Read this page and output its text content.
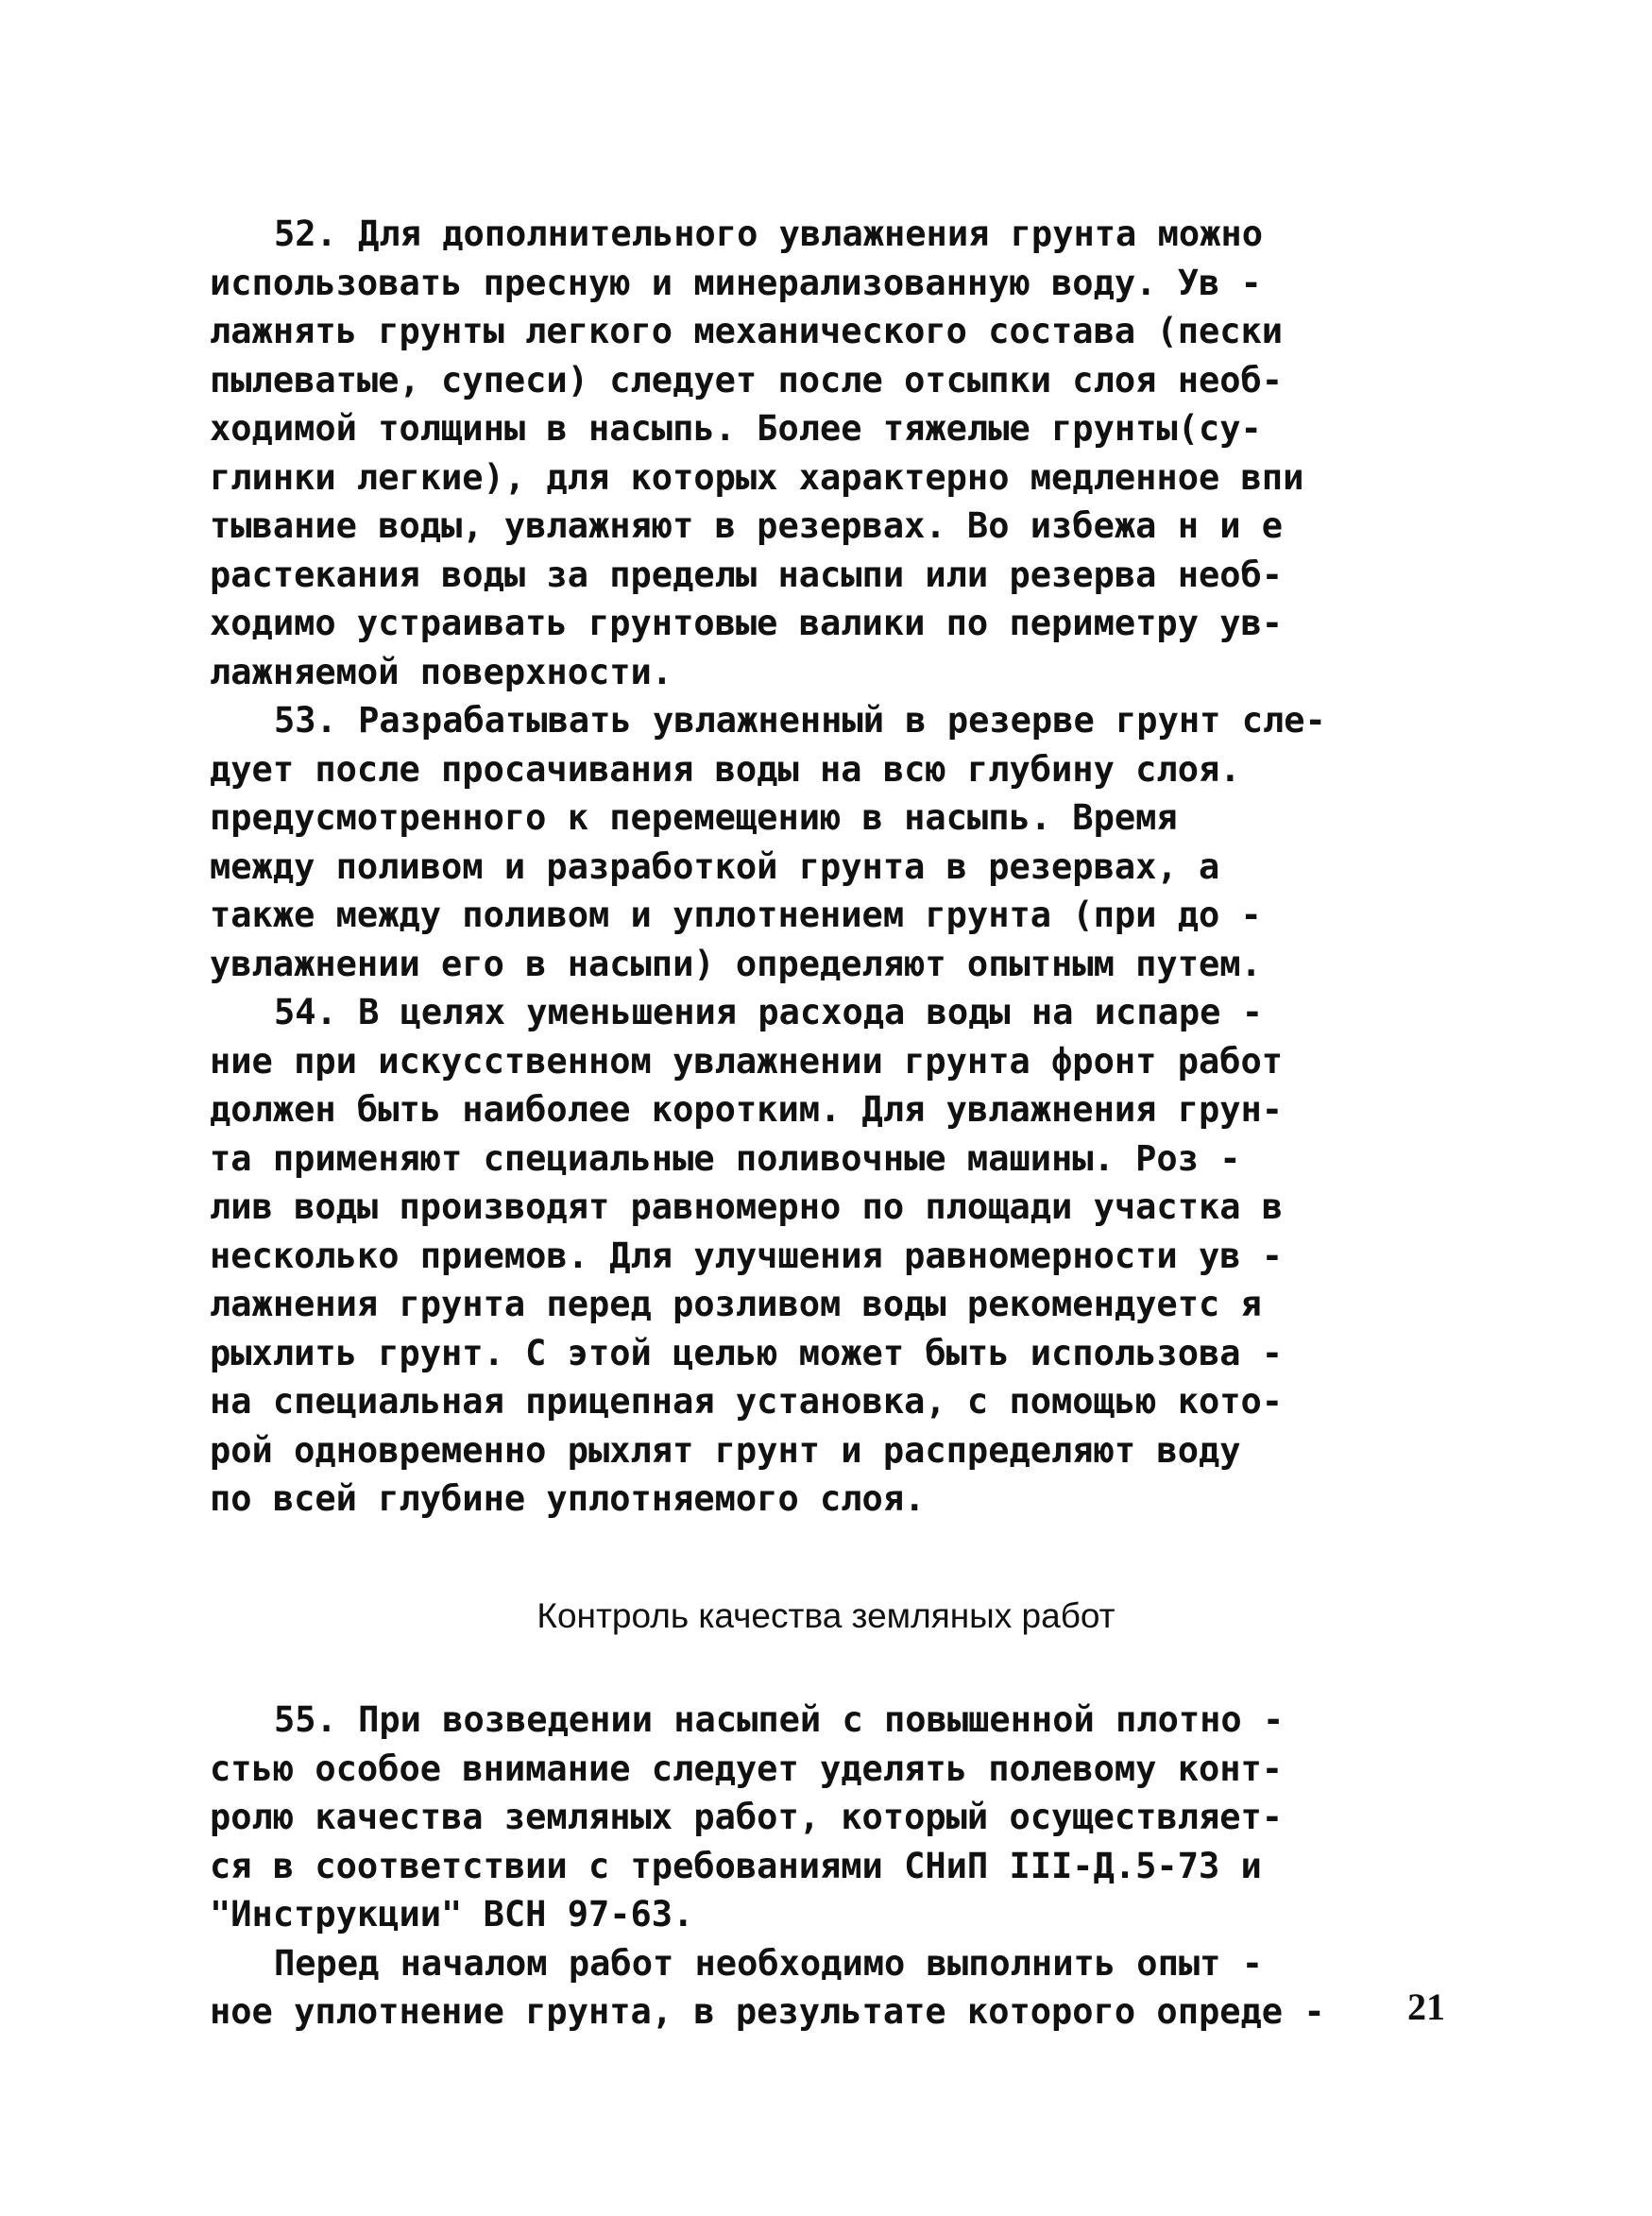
52. Для дополнительного увлажнения грунта можно
использовать пресную и минерализованную воду. Ув -
лажнять грунты легкого механического состава (пески
пылеватые, супеси) следует после отсыпки слоя необ-
ходимой толщины в насыпь. Более тяжелые грунты(су-
глинки легкие), для которых характерно медленное впи
тывание воды, увлажняют в резервах. Во избежа н и е
растекания воды за пределы насыпи или резерва необ-
ходимо устраивать грунтовые валики по периметру ув-
лажняемой поверхности.
53. Разрабатывать увлажненный в резерве грунт сле-
дует после просачивания воды на всю глубину слоя.
предусмотренного к перемещению в насыпь. Время
между поливом и разработкой грунта в резервах, а
также между поливом и уплотнением грунта (при до -
увлажнении его в насыпи) определяют опытным путем.
54. В целях уменьшения расхода воды на испаре -
ние при искусственном увлажнении грунта фронт работ
должен быть наиболее коротким. Для увлажнения грун-
та применяют специальные поливочные машины. Роз -
лив воды производят равномерно по площади участка в
несколько приемов. Для улучшения равномерности ув -
лажнения грунта перед розливом воды рекомендуетс я
рыхлить грунт. С этой целью может быть использова -
на специальная прицепная установка, с помощью кото-
рой одновременно рыхлят грунт и распределяют воду
по всей глубине уплотняемого слоя.
Контроль качества земляных работ
55. При возведении насыпей с повышенной плотно -
стью особое внимание следует уделять полевому конт-
ролю качества земляных работ, который осуществляет-
ся в соответствии с требованиями СНиП III-Д.5-73 и
"Инструкции" ВСН 97-63.
Перед началом работ необходимо выполнить опыт -
ное уплотнение грунта, в результате которого опреде -	21
